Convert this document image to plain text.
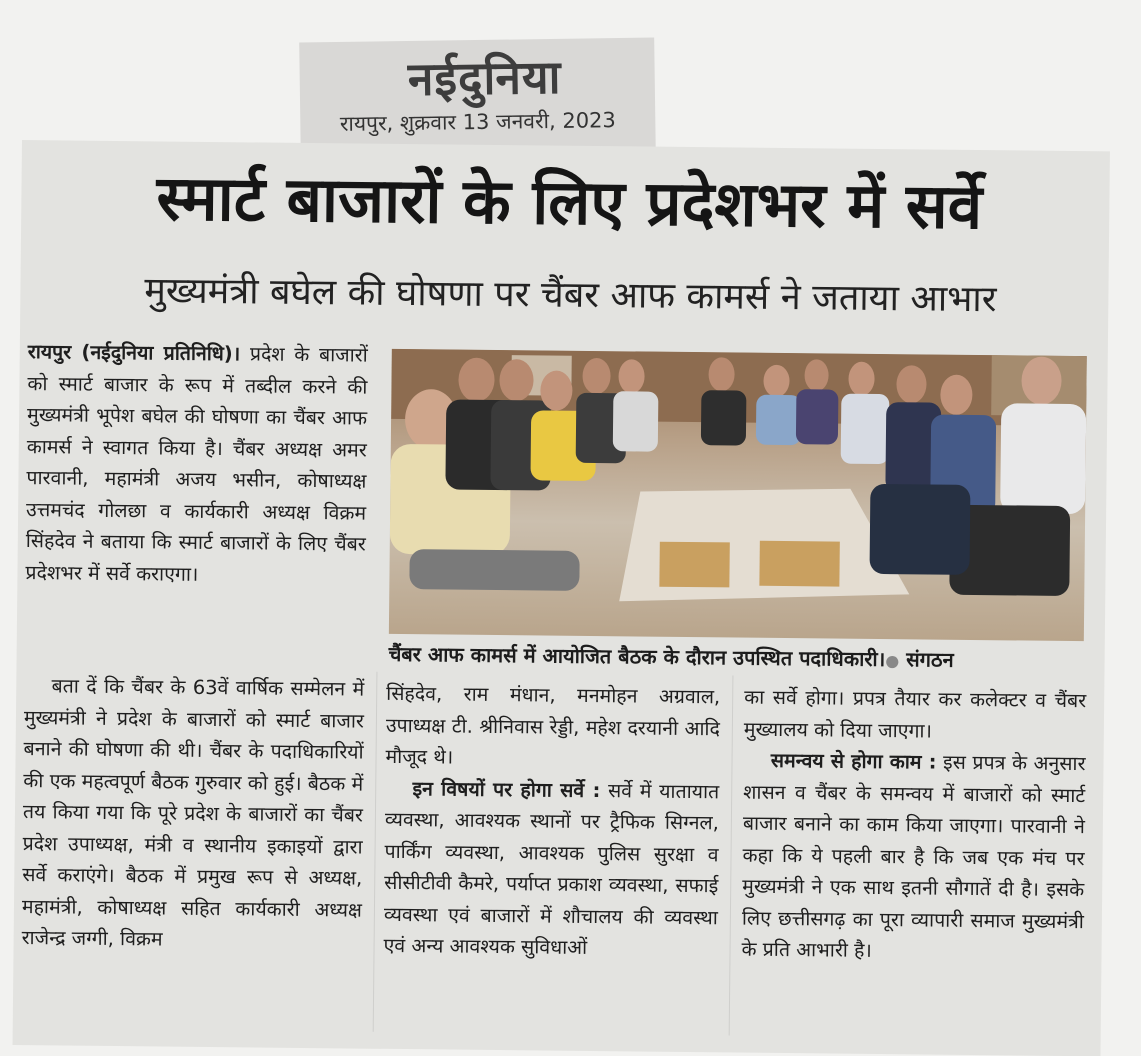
नईदुनिया
रायपुर, शुक्रवार 13 जनवरी, 2023
स्मार्ट बाजारों के लिए प्रदेशभर में सर्वे
मुख्यमंत्री बघेल की घोषणा पर चैंबर आफ कामर्स ने जताया आभार

रायपुर (नईदुनिया प्रतिनिधि)। प्रदेश के बाजारों को स्मार्ट बाजार के रूप में तब्दील करने की मुख्यमंत्री भूपेश बघेल की घोषणा का चैंबर आफ कामर्स ने स्वागत किया है। चैंबर अध्यक्ष अमर पारवानी, महामंत्री अजय भसीन, कोषाध्यक्ष उत्तमचंद गोलछा व कार्यकारी अध्यक्ष विक्रम सिंहदेव ने बताया कि स्मार्ट बाजारों के लिए चैंबर प्रदेशभर में सर्वे कराएगा।

चैंबर आफ कामर्स में आयोजित बैठक के दौरान उपस्थित पदाधिकारी।● संगठन

बता दें कि चैंबर के 63वें वार्षिक सम्मेलन में मुख्यमंत्री ने प्रदेश के बाजारों को स्मार्ट बाजार बनाने की घोषणा की थी। चैंबर के पदाधिकारियों की एक महत्वपूर्ण बैठक गुरुवार को हुई। बैठक में तय किया गया कि पूरे प्रदेश के बाजारों का चैंबर प्रदेश उपाध्यक्ष, मंत्री व स्थानीय इकाइयों द्वारा सर्वे कराएंगे। बैठक में प्रमुख रूप से अध्यक्ष, महामंत्री, कोषाध्यक्ष सहित कार्यकारी अध्यक्ष राजेन्द्र जग्गी, विक्रम

सिंहदेव, राम मंधान, मनमोहन अग्रवाल, उपाध्यक्ष टी. श्रीनिवास रेड्डी, महेश दरयानी आदि मौजूद थे।

इन विषयों पर होगा सर्वे : सर्वे में यातायात व्यवस्था, आवश्यक स्थानों पर ट्रैफिक सिग्नल, पार्किंग व्यवस्था, आवश्यक पुलिस सुरक्षा व सीसीटीवी कैमरे, पर्याप्त प्रकाश व्यवस्था, सफाई व्यवस्था एवं बाजारों में शौचालय की व्यवस्था एवं अन्य आवश्यक सुविधाओं

का सर्वे होगा। प्रपत्र तैयार कर कलेक्टर व चैंबर मुख्यालय को दिया जाएगा।

समन्वय से होगा काम : इस प्रपत्र के अनुसार शासन व चैंबर के समन्वय में बाजारों को स्मार्ट बाजार बनाने का काम किया जाएगा। पारवानी ने कहा कि ये पहली बार है कि जब एक मंच पर मुख्यमंत्री ने एक साथ इतनी सौगातें दी है। इसके लिए छत्तीसगढ़ का पूरा व्यापारी समाज मुख्यमंत्री के प्रति आभारी है।
